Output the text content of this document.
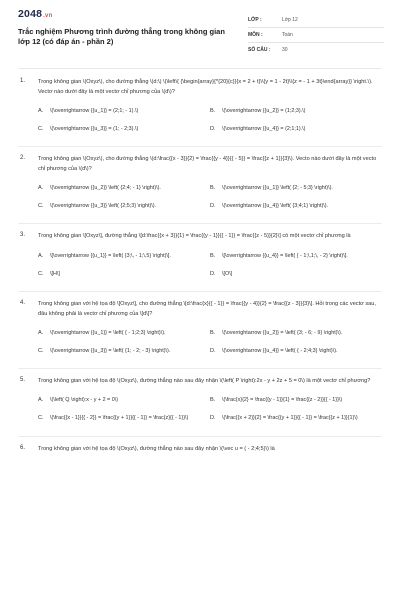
2048.vn
Trắc nghiệm Phương trình đường thẳng trong không gian lớp 12 (có đáp án - phần 2)
LỚP :	Lớp 12
MÔN :	Toán
SỐ CÂU :	30
1. Trong không gian \(Oxyz\), cho đường thẳng \(d:\) \(\left\{ {\begin{array}{*{20}{c}}{x = 2 + t}\\{y = 1 - 2t}\\{z = - 1 + 3t}\end{array}} \right.\). Vectơ nào dưới đây là một vectơ chỉ phương của \(d\)?
A.	\(\overrightarrow {{u_1}} = (2;1; - 1).\)	B.	\(\overrightarrow {{u_2}} = (1;2;3).\)
C.	\(\overrightarrow {{u_3}} = (1; - 2;3).\)	D.	\(\overrightarrow {{u_4}} = (2;1;1).\)
2. Trong không gian \(Oxyz\), cho đường thẳng \(d:\frac{{x - 3}}{2} = \frac{{y - 4}}{{ - 5}} = \frac{{z + 1}}{3}\). Vecto nào dưới đây là một vecto chỉ phương của \(d\)?
A.	\(\overrightarrow {{u_2}} \left( {2;4; - 1} \right)\).	B.	\(\overrightarrow {{u_1}} \left( {2; - 5;3} \right)\).
C.	\(\overrightarrow {{u_3}} \left( {2;5;3} \right)\).	D.	\(\overrightarrow {{u_4}} \left( {3;4;1} \right)\).
3. Trong không gian \[Oxyz\], đường thẳng \[d:\frac{{x + 3}}{1} = \frac{{y - 1}}{{ - 1}} = \frac{{z - 5}}{2}\] có một vectơ chỉ phương là
A.	\[\overrightarrow {{u_1}} = \left( {3;\, - 1;\,5} \right)\].	B.	\[\overrightarrow {{u_4}} = \left( { - 1;\,1;\, - 2} \right)\].
C.	\[H\]	D.	\[O\]
4. Trong không gian với hệ tọa độ \[Oxyz\], cho đường thẳng \[d:\frac{x}{{ - 1}} = \frac{{y - 4}}{2} = \frac{{z - 3}}{3}\]. Hỏi trong các vectơ sau, đâu không phải là vectơ chỉ phương của \[d\]?
A.	\(\overrightarrow {{u_1}} = \left( { - 1;2;3} \right)\).	B.	\(\overrightarrow {{u_2}} = \left( {3; - 6; - 9} \right)\).
C.	\(\overrightarrow {{u_3}} = \left( {1; - 2; - 3} \right)\).	D.	\(\overrightarrow {{u_4}} = \left( { - 2;4;3} \right)\).
5. Trong không gian với hệ tọa độ \(Oxyz\), đường thẳng nào sau đây nhận \(\left( P \right):2x - y + 2z + 5 = 0\) là một vectơ chỉ phương?
A.	\(\left( Q \right):x - y + 2 = 0\)	B.	\(\frac{x}{2} = \frac{{y - 1}}{1} = \frac{{z - 2}}{{ - 1}}\)
C.	\(\frac{{x - 1}}{{ - 2}} = \frac{{y + 1}}{{ - 1}} = \frac{z}{{ - 1}}\)	D.	\(\frac{{x + 2}}{2} = \frac{{y + 1}}{{ - 1}} = \frac{{z + 1}}{1}\)
6. Trong không gian với hệ tọa độ \(Oxyz\), đường thẳng nào sau đây nhận \(\vec u = ( - 2;4;5)\) là
